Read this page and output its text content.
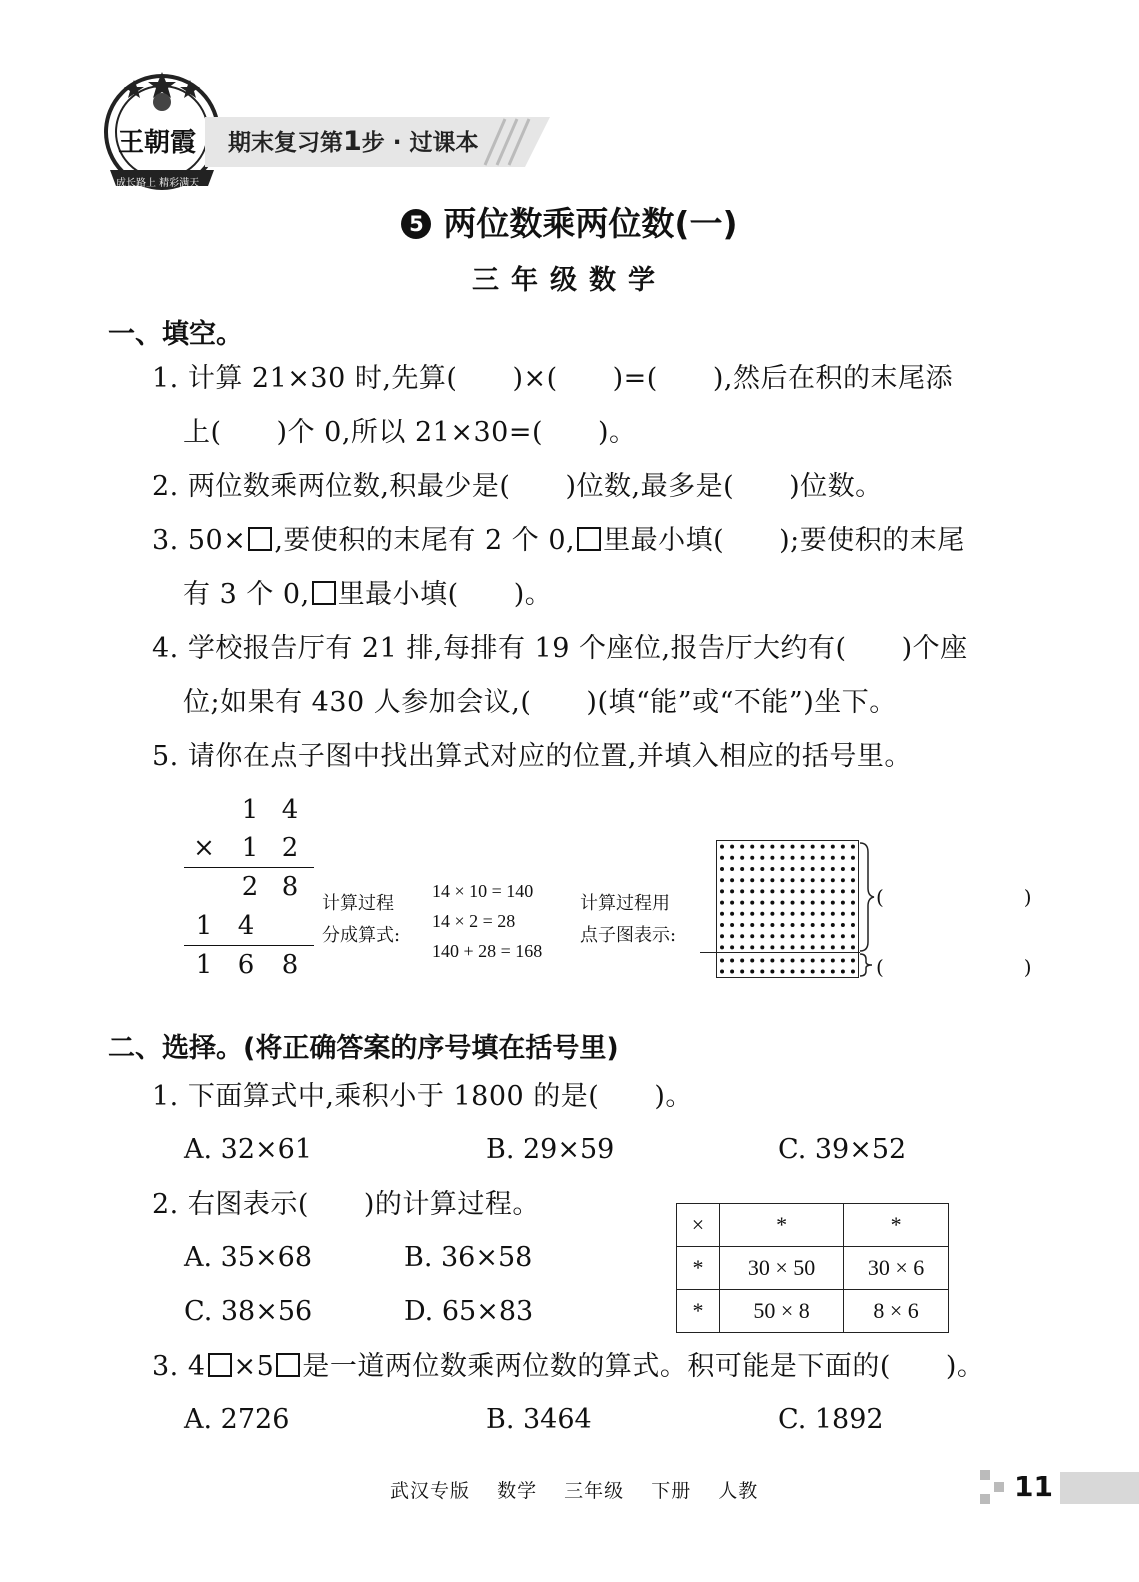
王朝霞
成长路上 精彩满天
期末复习第1步 · 过课本
5 两位数乘两位数(一)
三年级数学
一、填空。
1. 计算 21×30 时,先算(　　)×(　　)=(　　),然后在积的末尾添
上(　　)个 0,所以 21×30=(　　)。
2. 两位数乘两位数,积最少是(　　)位数,最多是(　　)位数。
3. 50× ,要使积的末尾有 2 个 0, 里最小填(　　);要使积的末尾
有 3 个 0, 里最小填(　　)。
4. 学校报告厅有 21 排,每排有 19 个座位,报告厅大约有(　　)个座
位;如果有 430 人参加会议,(　　)(填“能”或“不能”)坐下。
5. 请你在点子图中找出算式对应的位置,并填入相应的括号里。
1 4
×	1 2
2 8
1 4
1 6	8
计算过程
分成算式:
14 × 10 = 140
14 × 2 = 28
140 + 28 = 168
计算过程用
点子图表示:
(　　　　　　　)
(　　　　　　　)
二、选择。(将正确答案的序号填在括号里)
1. 下面算式中,乘积小于 1800 的是(　　)。
A. 32×61	B. 29×59	C. 39×52
2. 右图表示(　　)的计算过程。
A. 35×68	B. 36×58
C. 38×56	D. 65×83
×	*	*
*	30 × 50	30 × 6
*	50 × 8	8 × 6
3. 4 ×5 是一道两位数乘两位数的算式。积可能是下面的(　　)。
A. 2726	B. 3464	C. 1892
武汉专版 数学 三年级 下册 人教	11
